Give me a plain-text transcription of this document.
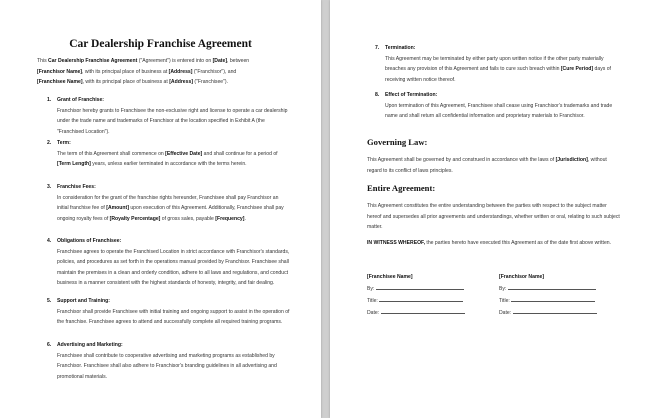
Car Dealership Franchise Agreement
This Car Dealership Franchise Agreement ("Agreement") is entered into on [Date], between
[Franchisor Name], with its principal place of business at [Address] ("Franchisor"), and
[Franchisee Name], with its principal place of business at [Address] ("Franchisee").
1. Grant of Franchise:
Franchisor hereby grants to Franchisee the non-exclusive right and license to operate a car dealership under the trade name and trademarks of Franchisor at the location specified in Exhibit A (the "Franchised Location").
2. Term:
The term of this Agreement shall commence on [Effective Date] and shall continue for a period of [Term Length] years, unless earlier terminated in accordance with the terms herein.
3. Franchise Fees:
In consideration for the grant of the franchise rights hereunder, Franchisee shall pay Franchisor an initial franchise fee of [Amount] upon execution of this Agreement. Additionally, Franchisee shall pay ongoing royalty fees of [Royalty Percentage] of gross sales, payable [Frequency].
4. Obligations of Franchisee:
Franchisee agrees to operate the Franchised Location in strict accordance with Franchisor's standards, policies, and procedures as set forth in the operations manual provided by Franchisor. Franchisee shall maintain the premises in a clean and orderly condition, adhere to all laws and regulations, and conduct business in a manner consistent with the highest standards of honesty, integrity, and fair dealing.
5. Support and Training:
Franchisor shall provide Franchisee with initial training and ongoing support to assist in the operation of the franchise. Franchisee agrees to attend and successfully complete all required training programs.
6. Advertising and Marketing:
Franchisee shall contribute to cooperative advertising and marketing programs as established by Franchisor. Franchisee shall also adhere to Franchisor's branding guidelines in all advertising and promotional materials.
7. Termination:
This Agreement may be terminated by either party upon written notice if the other party materially breaches any provision of this Agreement and fails to cure such breach within [Cure Period] days of receiving written notice thereof.
8. Effect of Termination:
Upon termination of this Agreement, Franchisee shall cease using Franchisor's trademarks and trade name and shall return all confidential information and proprietary materials to Franchisor.
Governing Law:
This Agreement shall be governed by and construed in accordance with the laws of [Jurisdiction], without regard to its conflict of laws principles.
Entire Agreement:
This Agreement constitutes the entire understanding between the parties with respect to the subject matter hereof and supersedes all prior agreements and understandings, whether written or oral, relating to such subject matter.
IN WITNESS WHEREOF, the parties hereto have executed this Agreement as of the date first above written.
[Franchisee Name]
By:
Title:
Date:
[Franchisor Name]
By:
Title:
Date:
